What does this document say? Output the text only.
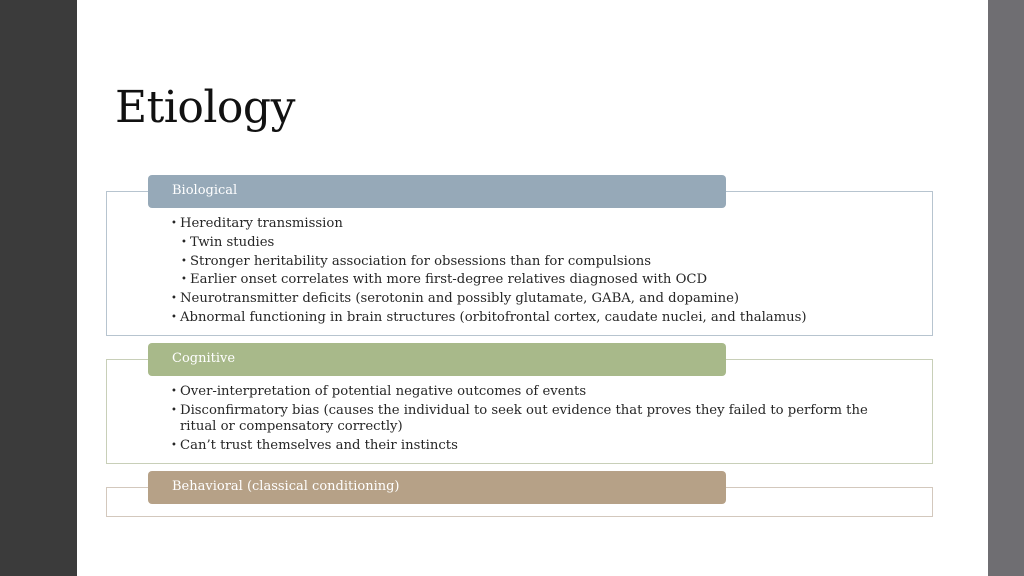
Etiology
Biological
• Hereditary transmission
• Twin studies
• Stronger heritability association for obsessions than for compulsions
• Earlier onset correlates with more first-degree relatives diagnosed with OCD
• Neurotransmitter deficits (serotonin and possibly glutamate, GABA, and dopamine)
• Abnormal functioning in brain structures (orbitofrontal cortex, caudate nuclei, and thalamus)
Cognitive
• Over-interpretation of potential negative outcomes of events
• Disconfirmatory bias (causes the individual to seek out evidence that proves they failed to perform the ritual or compensatory correctly)
• Can’t trust themselves and their instincts
Behavioral (classical conditioning)
